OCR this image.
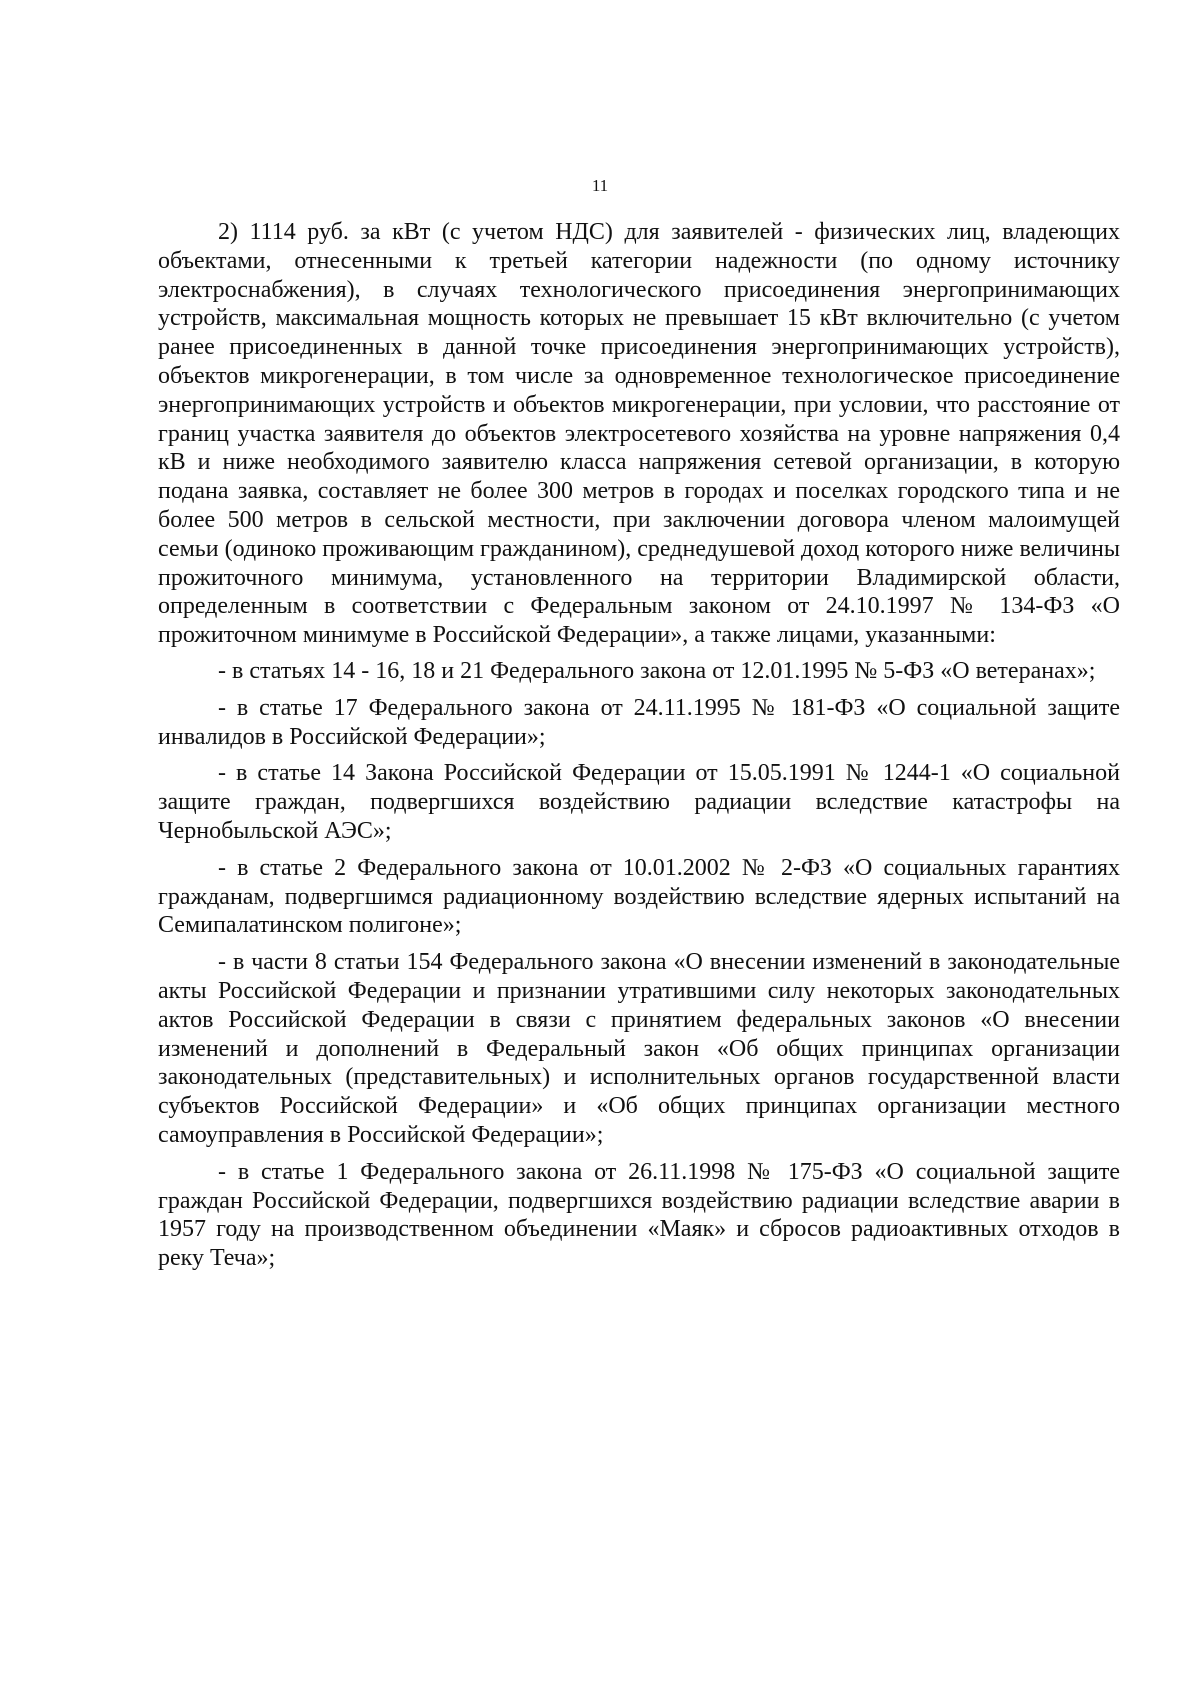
11

2) 1114 руб. за кВт (с учетом НДС) для заявителей - физических лиц, владеющих объектами, отнесенными к третьей категории надежности (по одному источнику электроснабжения), в случаях технологического присоединения энергопринимающих устройств, максимальная мощность которых не превышает 15 кВт включительно (с учетом ранее присоединенных в данной точке присоединения энергопринимающих устройств), объектов микрогенерации, в том числе за одновременное технологическое присоединение энергопринимающих устройств и объектов микрогенерации, при условии, что расстояние от границ участка заявителя до объектов электросетевого хозяйства на уровне напряжения 0,4 кВ и ниже необходимого заявителю класса напряжения сетевой организации, в которую подана заявка, составляет не более 300 метров в городах и поселках городского типа и не более 500 метров в сельской местности, при заключении договора членом малоимущей семьи (одиноко проживающим гражданином), среднедушевой доход которого ниже величины прожиточного минимума, установленного на территории Владимирской области, определенным в соответствии с Федеральным законом от 24.10.1997 № 134-ФЗ «О прожиточном минимуме в Российской Федерации», а также лицами, указанными:

- в статьях 14 - 16, 18 и 21 Федерального закона от 12.01.1995 № 5-ФЗ «О ветеранах»;

- в статье 17 Федерального закона от 24.11.1995 № 181-ФЗ «О социальной защите инвалидов в Российской Федерации»;

- в статье 14 Закона Российской Федерации от 15.05.1991 № 1244-1 «О социальной защите граждан, подвергшихся воздействию радиации вследствие катастрофы на Чернобыльской АЭС»;

- в статье 2 Федерального закона от 10.01.2002 № 2-ФЗ «О социальных гарантиях гражданам, подвергшимся радиационному воздействию вследствие ядерных испытаний на Семипалатинском полигоне»;

- в части 8 статьи 154 Федерального закона «О внесении изменений в законодательные акты Российской Федерации и признании утратившими силу некоторых законодательных актов Российской Федерации в связи с принятием федеральных законов «О внесении изменений и дополнений в Федеральный закон «Об общих принципах организации законодательных (представительных) и исполнительных органов государственной власти субъектов Российской Федерации» и «Об общих принципах организации местного самоуправления в Российской Федерации»;

- в статье 1 Федерального закона от 26.11.1998 № 175-ФЗ «О социальной защите граждан Российской Федерации, подвергшихся воздействию радиации вследствие аварии в 1957 году на производственном объединении «Маяк» и сбросов радиоактивных отходов в реку Теча»;
